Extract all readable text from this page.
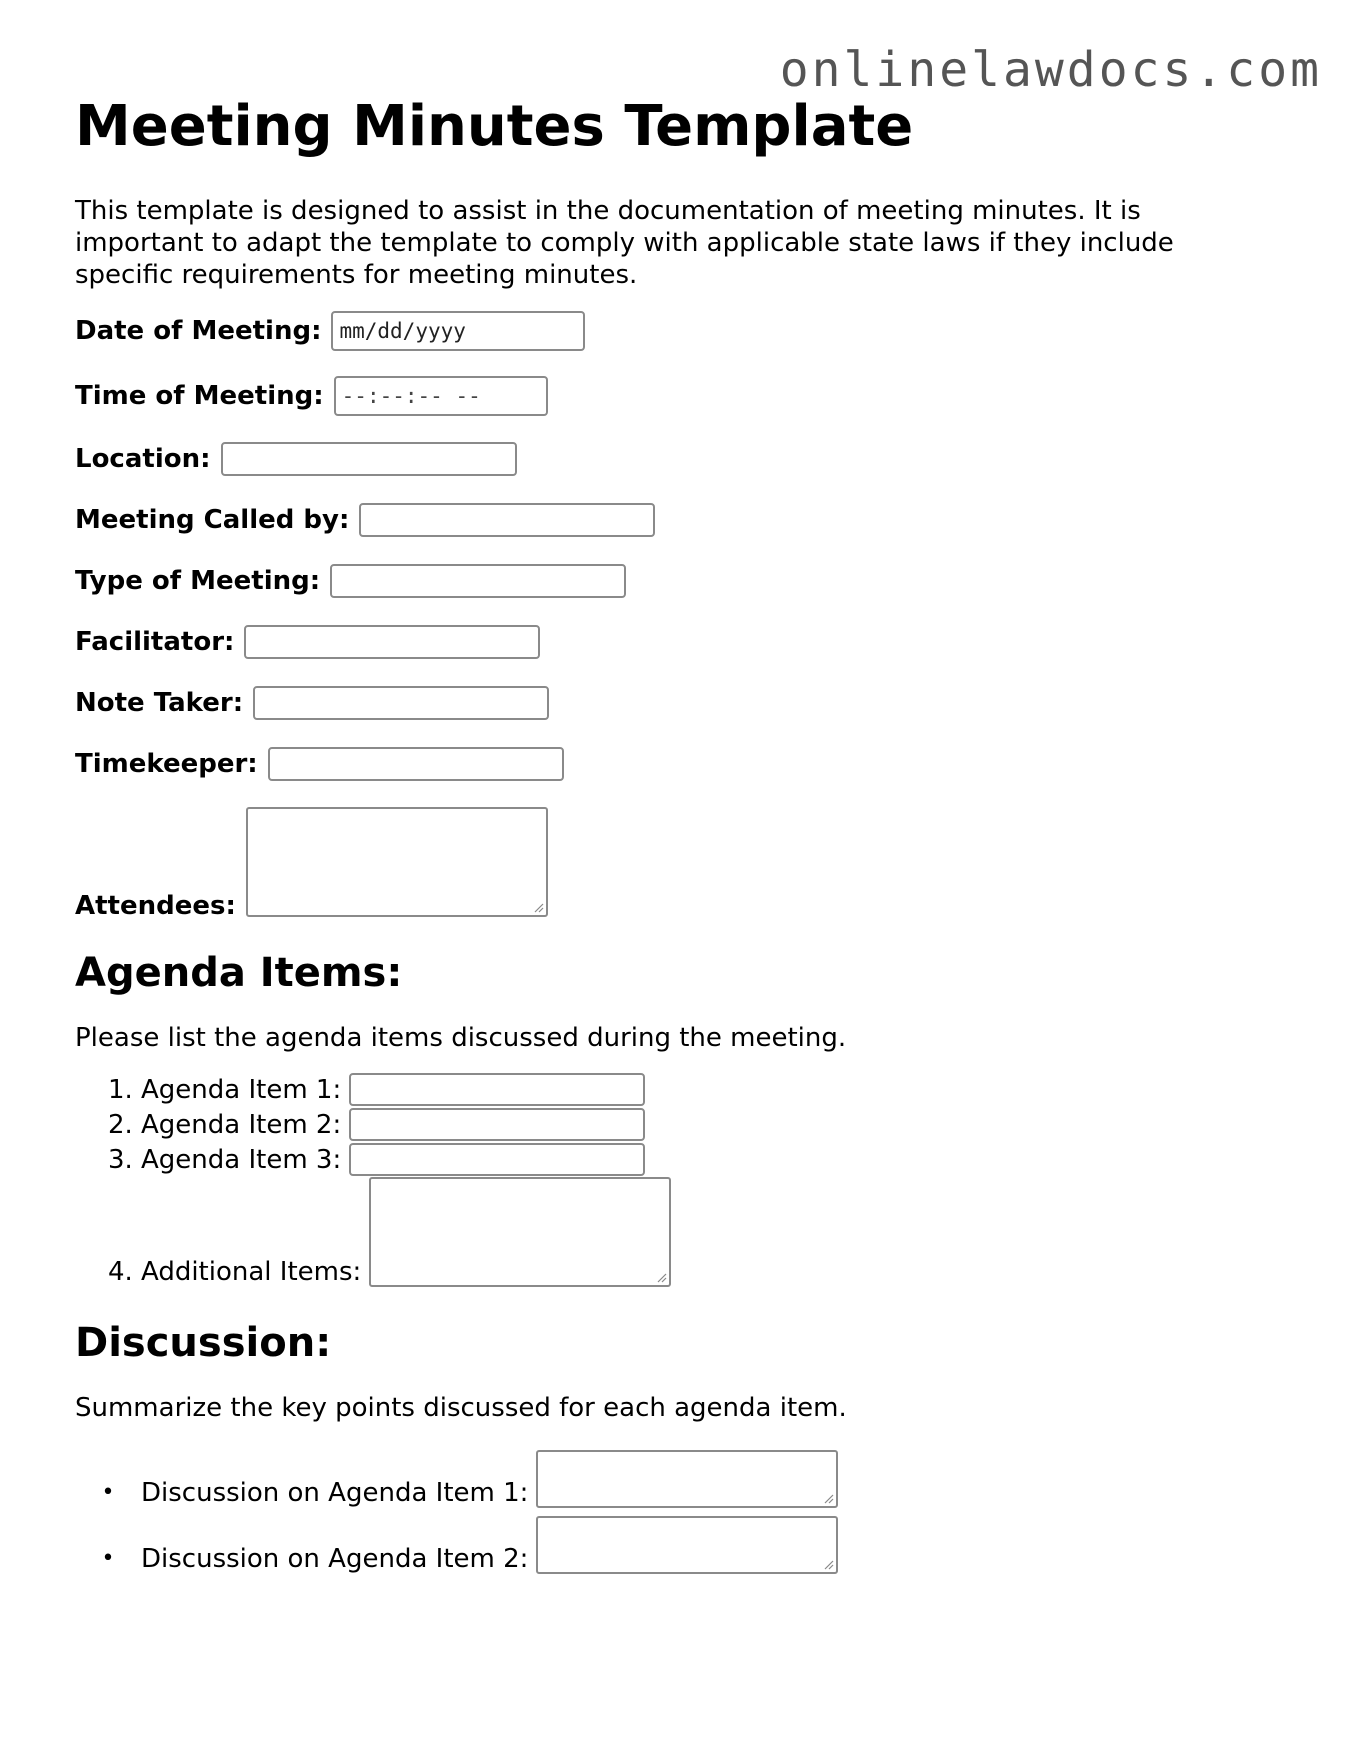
onlinelawdocs.com
Meeting Minutes Template

This template is designed to assist in the documentation of meeting minutes. It is important to adapt the template to comply with applicable state laws if they include specific requirements for meeting minutes.

Date of Meeting: mm/dd/yyyy
Time of Meeting: --:--:-- --
Location:
Meeting Called by:
Type of Meeting:
Facilitator:
Note Taker:
Timekeeper:
Attendees:
Agenda Items:

Please list the agenda items discussed during the meeting.

1. Agenda Item 1:
2. Agenda Item 2:
3. Agenda Item 3:
4. Additional Items:
Discussion:

Summarize the key points discussed for each agenda item.

•	Discussion on Agenda Item 1:
•	Discussion on Agenda Item 2:
